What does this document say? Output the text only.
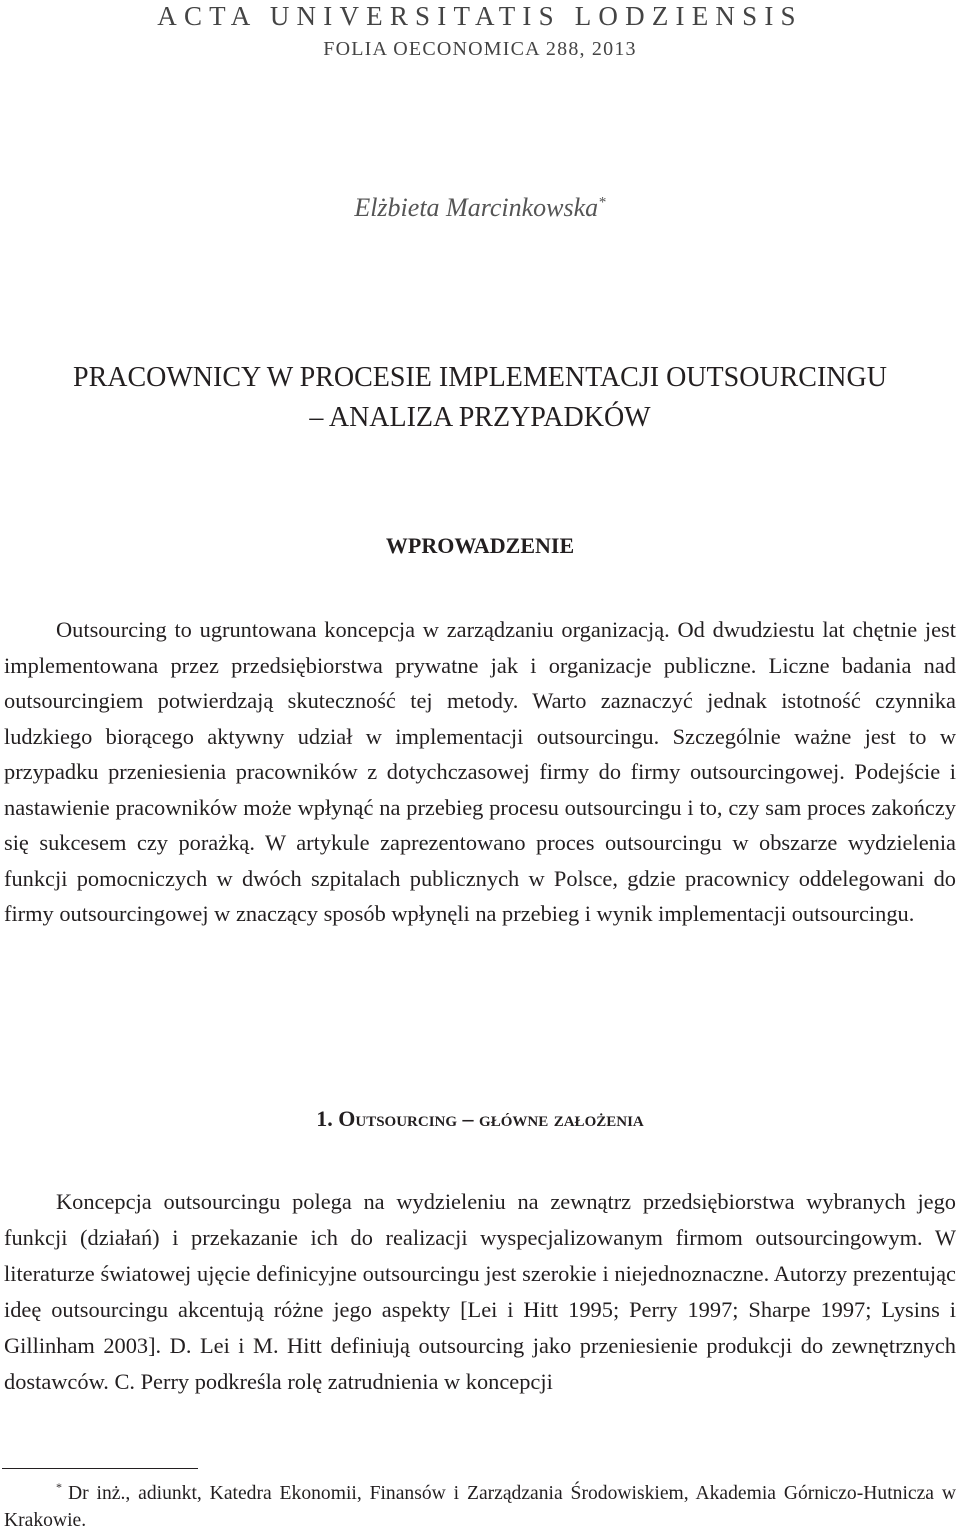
ACTA UNIVERSITATIS LODZIENSIS
FOLIA OECONOMICA 288, 2013
Elżbieta Marcinkowska*
PRACOWNICY W PROCESIE IMPLEMENTACJI OUTSOURCINGU
– ANALIZA PRZYPADKÓW
WPROWADZENIE
Outsourcing to ugruntowana koncepcja w zarządzaniu organizacją. Od dwudziestu lat chętnie jest implementowana przez przedsiębiorstwa prywatne jak i organizacje publiczne. Liczne badania nad outsourcingiem potwierdzają skuteczność tej metody. Warto zaznaczyć jednak istotność czynnika ludzkiego biorącego aktywny udział w implementacji outsourcingu. Szczególnie ważne jest to w przypadku przeniesienia pracowników z dotychczasowej firmy do firmy outsourcingowej. Podejście i nastawienie pracowników może wpłynąć na przebieg procesu outsourcingu i to, czy sam proces zakończy się sukcesem czy porażką. W artykule zaprezentowano proces outsourcingu w obszarze wydzielenia funkcji pomocniczych w dwóch szpitalach publicznych w Polsce, gdzie pracownicy oddelegowani do firmy outsourcingowej w znaczący sposób wpłynęli na przebieg i wynik implementacji outsourcingu.
1. Outsourcing – główne założenia
Koncepcja outsourcingu polega na wydzieleniu na zewnątrz przedsiębiorstwa wybranych jego funkcji (działań) i przekazanie ich do realizacji wyspecjalizowanym firmom outsourcingowym. W literaturze światowej ujęcie definicyjne outsourcingu jest szerokie i niejednoznaczne. Autorzy prezentując ideę outsourcingu akcentują różne jego aspekty [Lei i Hitt 1995; Perry 1997; Sharpe 1997; Lysins i Gillinham 2003]. D. Lei i M. Hitt definiują outsourcing jako przeniesienie produkcji do zewnętrznych dostawców. C. Perry podkreśla rolę zatrudnienia w koncepcji
* Dr inż., adiunkt, Katedra Ekonomii, Finansów i Zarządzania Środowiskiem, Akademia Górniczo-Hutnicza w Krakowie.
